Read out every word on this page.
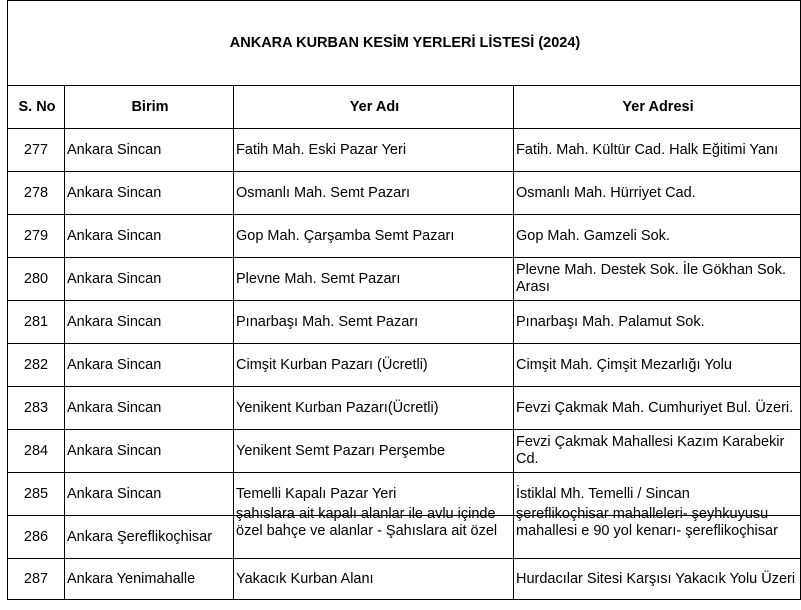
ANKARA KURBAN KESİM YERLERİ LİSTESİ (2024)			
S. No	Birim	Yer Adı	Yer Adresi
277	Ankara Sincan	Fatih Mah. Eski Pazar Yeri	Fatih. Mah. Kültür Cad. Halk Eğitimi Yanı
278	Ankara Sincan	Osmanlı Mah. Semt Pazarı	Osmanlı Mah. Hürriyet Cad.
279	Ankara Sincan	Gop Mah. Çarşamba Semt Pazarı	Gop Mah. Gamzeli Sok.
280	Ankara Sincan	Plevne Mah. Semt Pazarı	Plevne Mah. Destek Sok. İle Gökhan Sok. Arası
281	Ankara Sincan	Pınarbaşı Mah. Semt Pazarı	Pınarbaşı Mah. Palamut Sok.
282	Ankara Sincan	Cimşit Kurban Pazarı (Ücretli)	Cimşit Mah. Çimşit Mezarlığı Yolu
283	Ankara Sincan	Yenikent Kurban Pazarı(Ücretli)	Fevzi Çakmak Mah. Cumhuriyet Bul. Üzeri.
284	Ankara Sincan	Yenikent Semt Pazarı Perşembe	Fevzi Çakmak Mahallesi Kazım Karabekir Cd.
285	Ankara Sincan	Temelli Kapalı Pazar Yeri	İstiklal Mh. Temelli / Sincan
286	Ankara Şereflikoçhisar	şahıslara ait kapalı alanlar ile avlu içinde özel bahçe ve alanlar - Şahıslara ait özel	şereflikoçhisar mahalleleri- şeyhkuyusu mahallesi e 90 yol kenarı- şereflikoçhisar

287	Ankara Yenimahalle	Yakacık Kurban Alanı	Hurdacılar Sitesi Karşısı Yakacık Yolu Üzeri
